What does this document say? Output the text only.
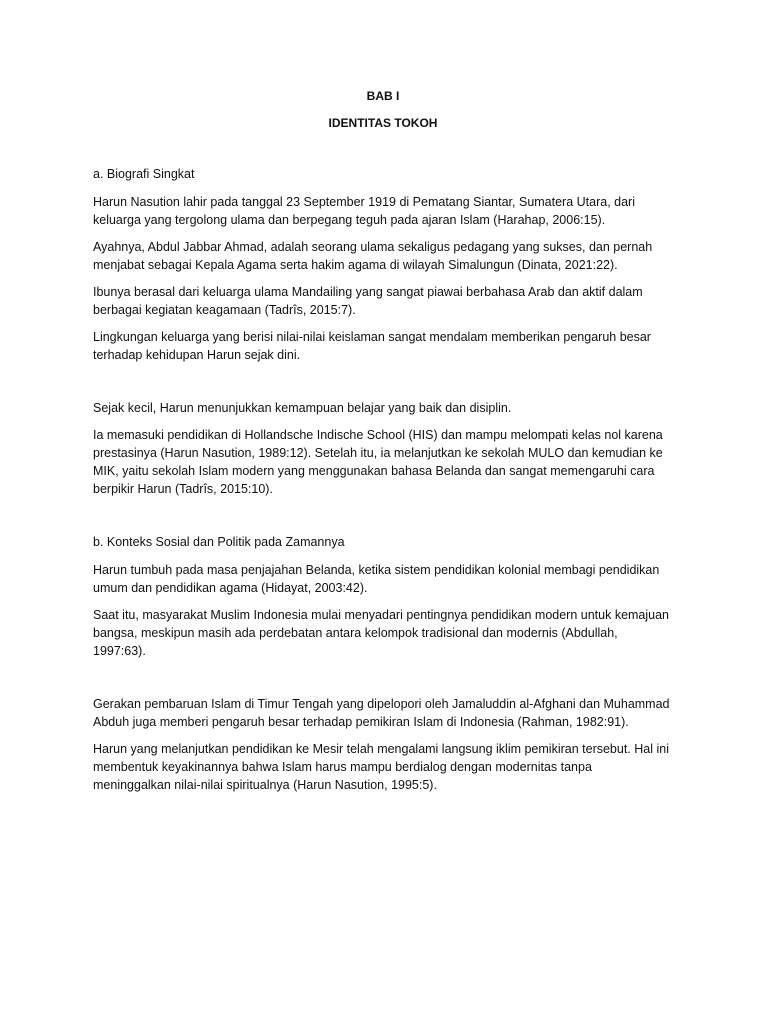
BAB I
IDENTITAS TOKOH
a. Biografi Singkat

Harun Nasution lahir pada tanggal 23 September 1919 di Pematang Siantar, Sumatera Utara, dari keluarga yang tergolong ulama dan berpegang teguh pada ajaran Islam (Harahap, 2006:15).

Ayahnya, Abdul Jabbar Ahmad, adalah seorang ulama sekaligus pedagang yang sukses, dan pernah menjabat sebagai Kepala Agama serta hakim agama di wilayah Simalungun (Dinata, 2021:22).

Ibunya berasal dari keluarga ulama Mandailing yang sangat piawai berbahasa Arab dan aktif dalam berbagai kegiatan keagamaan (Tadrîs, 2015:7).

Lingkungan keluarga yang berisi nilai-nilai keislaman sangat mendalam memberikan pengaruh besar terhadap kehidupan Harun sejak dini.

Sejak kecil, Harun menunjukkan kemampuan belajar yang baik dan disiplin.

Ia memasuki pendidikan di Hollandsche Indische School (HIS) dan mampu melompati kelas nol karena prestasinya (Harun Nasution, 1989:12). Setelah itu, ia melanjutkan ke sekolah MULO dan kemudian ke MIK, yaitu sekolah Islam modern yang menggunakan bahasa Belanda dan sangat memengaruhi cara berpikir Harun (Tadrîs, 2015:10).

b. Konteks Sosial dan Politik pada Zamannya

Harun tumbuh pada masa penjajahan Belanda, ketika sistem pendidikan kolonial membagi pendidikan umum dan pendidikan agama (Hidayat, 2003:42).

Saat itu, masyarakat Muslim Indonesia mulai menyadari pentingnya pendidikan modern untuk kemajuan bangsa, meskipun masih ada perdebatan antara kelompok tradisional dan modernis (Abdullah, 1997:63).

Gerakan pembaruan Islam di Timur Tengah yang dipelopori oleh Jamaluddin al-Afghani dan Muhammad Abduh juga memberi pengaruh besar terhadap pemikiran Islam di Indonesia (Rahman, 1982:91).

Harun yang melanjutkan pendidikan ke Mesir telah mengalami langsung iklim pemikiran tersebut. Hal ini membentuk keyakinannya bahwa Islam harus mampu berdialog dengan modernitas tanpa meninggalkan nilai-nilai spiritualnya (Harun Nasution, 1995:5).
